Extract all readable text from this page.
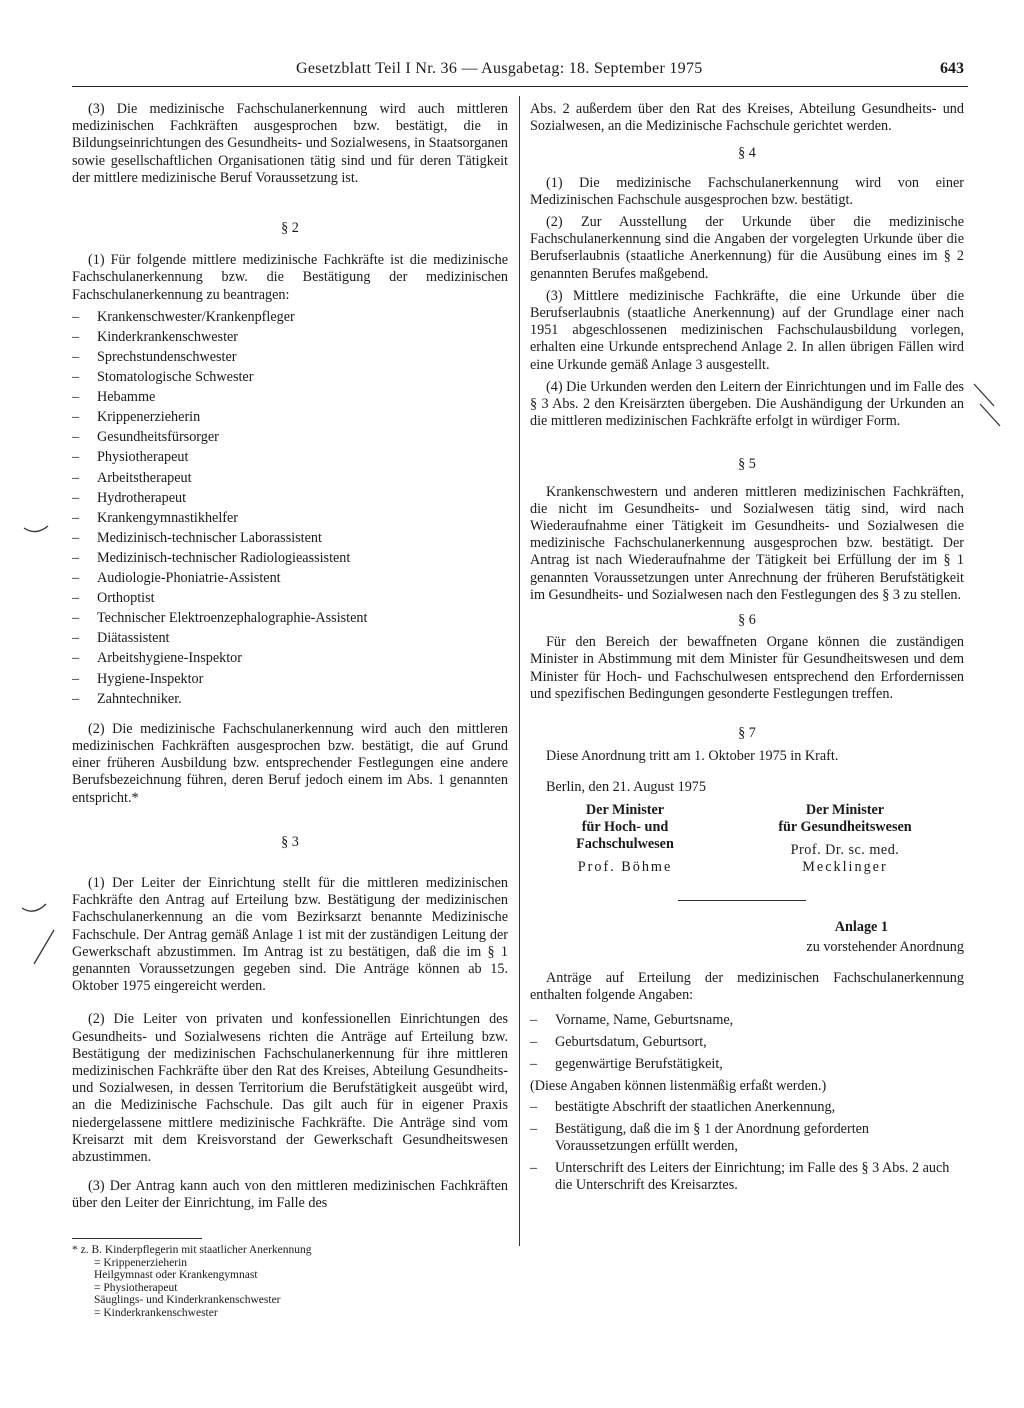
Gesetzblatt Teil I Nr. 36 — Ausgabetag: 18. September 1975	643

(3) Die medizinische Fachschulanerkennung wird auch mittleren medizinischen Fachkräften ausgesprochen bzw. bestätigt, die in Bildungseinrichtungen des Gesundheits- und Sozialwesens, in Staatsorganen sowie gesellschaftlichen Organisationen tätig sind und für deren Tätigkeit der mittlere medizinische Beruf Voraussetzung ist.

§ 2

(1) Für folgende mittlere medizinische Fachkräfte ist die medizinische Fachschulanerkennung bzw. die Bestätigung der medizinischen Fachschulanerkennung zu beantragen:

– Krankenschwester/Krankenpfleger
– Kinderkrankenschwester
– Sprechstundenschwester
– Stomatologische Schwester
– Hebamme
– Krippenerzieherin
– Gesundheitsfürsorger
– Physiotherapeut
– Arbeitstherapeut
– Hydrotherapeut
– Krankengymnastikhelfer
– Medizinisch-technischer Laborassistent
– Medizinisch-technischer Radiologieassistent
– Audiologie-Phoniatrie-Assistent
– Orthoptist
– Technischer Elektroenzephalographie-Assistent
– Diätassistent
– Arbeitshygiene-Inspektor
– Hygiene-Inspektor
– Zahntechniker.

(2) Die medizinische Fachschulanerkennung wird auch den mittleren medizinischen Fachkräften ausgesprochen bzw. bestätigt, die auf Grund einer früheren Ausbildung bzw. entsprechender Festlegungen eine andere Berufsbezeichnung führen, deren Beruf jedoch einem im Abs. 1 genannten entspricht.*

§ 3

(1) Der Leiter der Einrichtung stellt für die mittleren medizinischen Fachkräfte den Antrag auf Erteilung bzw. Bestätigung der medizinischen Fachschulanerkennung an die vom Bezirksarzt benannte Medizinische Fachschule. Der Antrag gemäß Anlage 1 ist mit der zuständigen Leitung der Gewerkschaft abzustimmen. Im Antrag ist zu bestätigen, daß die im § 1 genannten Voraussetzungen gegeben sind. Die Anträge können ab 15. Oktober 1975 eingereicht werden.

(2) Die Leiter von privaten und konfessionellen Einrichtungen des Gesundheits- und Sozialwesens richten die Anträge auf Erteilung bzw. Bestätigung der medizinischen Fachschulanerkennung für ihre mittleren medizinischen Fachkräfte über den Rat des Kreises, Abteilung Gesundheits- und Sozialwesen, in dessen Territorium die Berufstätigkeit ausgeübt wird, an die Medizinische Fachschule. Das gilt auch für in eigener Praxis niedergelassene mittlere medizinische Fachkräfte. Die Anträge sind vom Kreisarzt mit dem Kreisvorstand der Gewerkschaft Gesundheitswesen abzustimmen.

(3) Der Antrag kann auch von den mittleren medizinischen Fachkräften über den Leiter der Einrichtung, im Falle des

* z. B. Kinderpflegerin mit staatlicher Anerkennung
= Krippenerzieherin
Heilgymnast oder Krankengymnast
= Physiotherapeut
Säuglings- und Kinderkrankenschwester
= Kinderkrankenschwester

Abs. 2 außerdem über den Rat des Kreises, Abteilung Gesundheits- und Sozialwesen, an die Medizinische Fachschule gerichtet werden.

§ 4

(1) Die medizinische Fachschulanerkennung wird von einer Medizinischen Fachschule ausgesprochen bzw. bestätigt.

(2) Zur Ausstellung der Urkunde über die medizinische Fachschulanerkennung sind die Angaben der vorgelegten Urkunde über die Berufserlaubnis (staatliche Anerkennung) für die Ausübung eines im § 2 genannten Berufes maßgebend.

(3) Mittlere medizinische Fachkräfte, die eine Urkunde über die Berufserlaubnis (staatliche Anerkennung) auf der Grundlage einer nach 1951 abgeschlossenen medizinischen Fachschulausbildung vorlegen, erhalten eine Urkunde entsprechend Anlage 2. In allen übrigen Fällen wird eine Urkunde gemäß Anlage 3 ausgestellt.

(4) Die Urkunden werden den Leitern der Einrichtungen und im Falle des § 3 Abs. 2 den Kreisärzten übergeben. Die Aushändigung der Urkunden an die mittleren medizinischen Fachkräfte erfolgt in würdiger Form.

§ 5

Krankenschwestern und anderen mittleren medizinischen Fachkräften, die nicht im Gesundheits- und Sozialwesen tätig sind, wird nach Wiederaufnahme einer Tätigkeit im Gesundheits- und Sozialwesen die medizinische Fachschulanerkennung ausgesprochen bzw. bestätigt. Der Antrag ist nach Wiederaufnahme der Tätigkeit bei Erfüllung der im § 1 genannten Voraussetzungen unter Anrechnung der früheren Berufstätigkeit im Gesundheits- und Sozialwesen nach den Festlegungen des § 3 zu stellen.

§ 6

Für den Bereich der bewaffneten Organe können die zuständigen Minister in Abstimmung mit dem Minister für Gesundheitswesen und dem Minister für Hoch- und Fachschulwesen entsprechend den Erfordernissen und spezifischen Bedingungen gesonderte Festlegungen treffen.

§ 7

Diese Anordnung tritt am 1. Oktober 1975 in Kraft.

Berlin, den 21. August 1975

Der Minister
für Hoch- und
Fachschulwesen
Prof. Böhme
Der Minister
für Gesundheitswesen
Prof. Dr. sc. med.
Mecklinger
Anlage 1
zu vorstehender Anordnung

Anträge auf Erteilung der medizinischen Fachschulanerkennung enthalten folgende Angaben:

– Vorname, Name, Geburtsname,
– Geburtsdatum, Geburtsort,
– gegenwärtige Berufstätigkeit,
(Diese Angaben können listenmäßig erfaßt werden.)
– bestätigte Abschrift der staatlichen Anerkennung,
– Bestätigung, daß die im § 1 der Anordnung geforderten Voraussetzungen erfüllt werden,
– Unterschrift des Leiters der Einrichtung; im Falle des § 3 Abs. 2 auch die Unterschrift des Kreisarztes.
